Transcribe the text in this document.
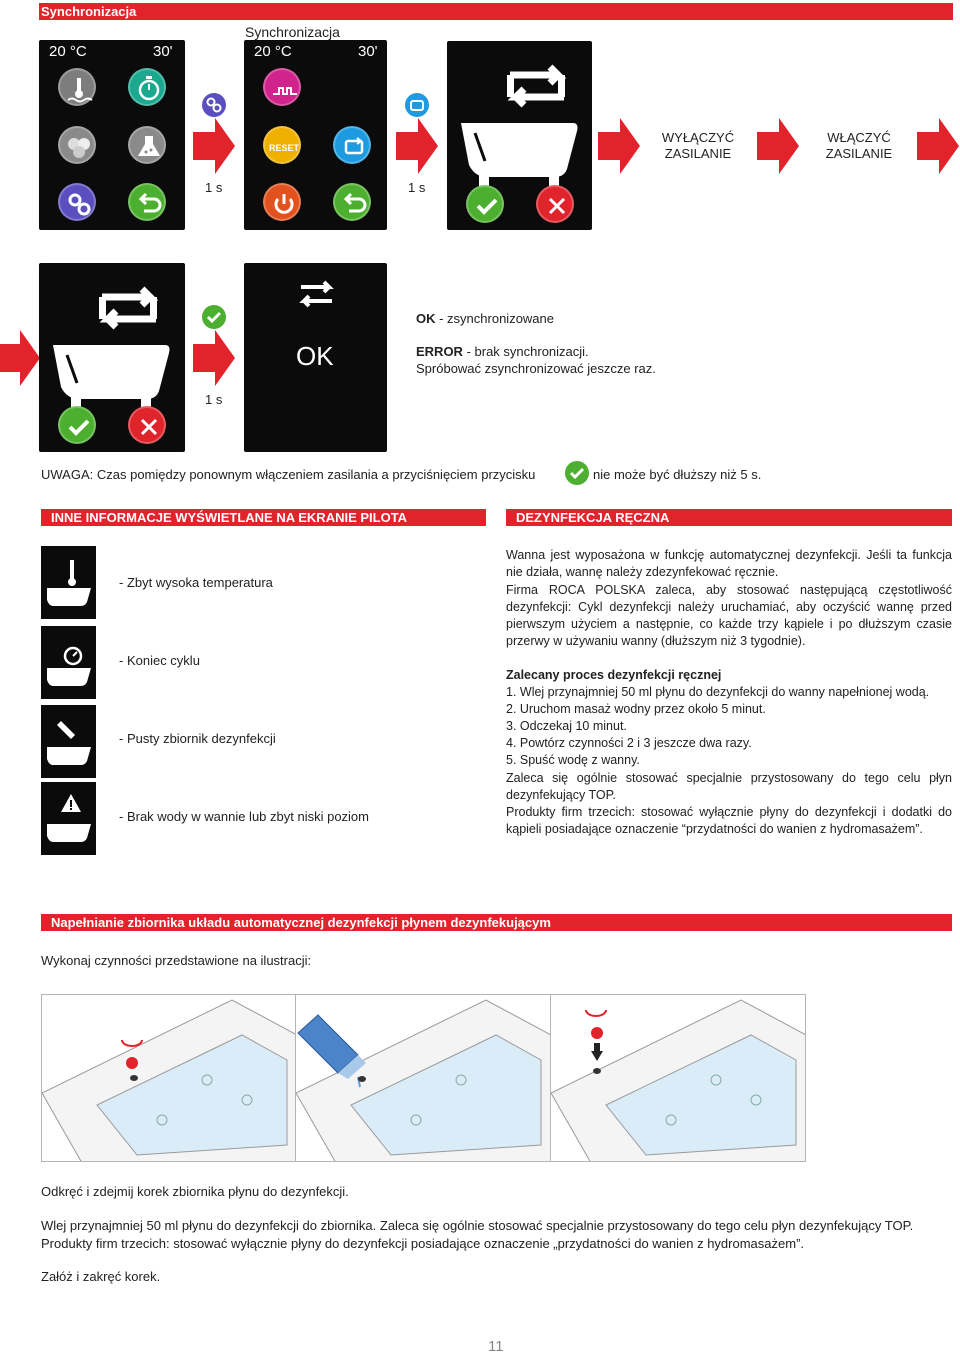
Synchronizacja
Synchronizacja
20 °C	30'
1 s
20 °C	30'
RESET
1 s
WYŁĄCZYĆ ZASILANIE
WŁĄCZYĆ ZASILANIE
1 s
OK
OK - zsynchronizowane
ERROR - brak synchronizacji.
Spróbować zsynchronizować jeszcze raz.
UWAGA: Czas pomiędzy ponownym włączeniem zasilania a przyciśnięciem przycisku	nie może być dłuższy niż 5 s.
INNE INFORMACJE WYŚWIETLANE NA EKRANIE PILOTA
- Zbyt wysoka temperatura
- Koniec cyklu
- Pusty zbiornik dezynfekcji
- Brak wody w wannie lub zbyt niski poziom
DEZYNFEKCJA RĘCZNA
Wanna jest wyposażona w funkcję automatycznej dezynfekcji. Jeśli ta funkcja nie działa, wannę należy zdezynfekować ręcznie.
Firma ROCA POLSKA zaleca, aby stosować następującą częstotliwość dezynfekcji: Cykl dezynfekcji należy uruchamiać, aby oczyścić wannę przed pierwszym użyciem a następnie, co każde trzy kąpiele i po dłuższym czasie przerwy w używaniu wanny (dłuższym niż 3 tygodnie).
Zalecany proces dezynfekcji ręcznej
1. Wlej przynajmniej 50 ml płynu do dezynfekcji do wanny napełnionej wodą.
2. Uruchom masaż wodny przez około 5 minut.
3. Odczekaj 10 minut.
4. Powtórz czynności 2 i 3 jeszcze dwa razy.
5. Spuść wodę z wanny.
Zaleca się ogólnie stosować specjalnie przystosowany do tego celu płyn dezynfekujący TOP.
Produkty firm trzecich: stosować wyłącznie płyny do dezynfekcji i dodatki do kąpieli posiadające oznaczenie “przydatności do wanien z hydromasażem”.
Napełnianie zbiornika układu automatycznej dezynfekcji płynem dezynfekującym
Wykonaj czynności przedstawione na ilustracji:
Odkręć i zdejmij korek zbiornika płynu do dezynfekcji.
Wlej przynajmniej 50 ml płynu do dezynfekcji do zbiornika. Zaleca się ogólnie stosować specjalnie przystosowany do tego celu płyn dezynfekujący TOP.
Produkty firm trzecich: stosować wyłącznie płyny do dezynfekcji posiadające oznaczenie „przydatności do wanien z hydromasażem”.
Załóż i zakręć korek.
11
